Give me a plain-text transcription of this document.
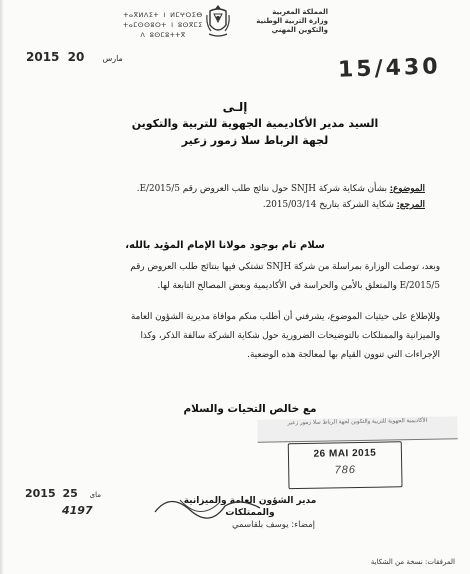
ⵜⴰⴳⵍⴷⵉⵜ ⵏ ⵍⵎⵖⵔⵉⴱ
ⵜⴰⵎⵙⵙⵓⵔⵜ ⵏ ⵓⵙⴳⵎⵉ
ⴷ ⵓⵙⵎⵓⵜⵜⴳ
المملكة المغربية
وزارة التربية الوطنية
والتكوين المهني
2015	مارس 20	15/430
إلـى
السيد مدير الأكاديمية الجهوية للتربية والتكوين
لجهة الرباط سلا زمور زعير
الموضوع: بشأن شكاية شركة SNJH حول نتائج طلب العروض رقم 5/E/2015.
المرجع: شكاية الشركة بتاريخ 2015/03/14.
سلام تام بوجود مولانا الإمام المؤيد بالله،
وبعد، توصلت الوزارة بمراسلة من شركة SNJH تشتكي فيها بنتائج طلب العروض رقم
5/E/2015 والمتعلق بالأمن والحراسة في الأكاديمية وبعض المصالح التابعة لها.
وللإطلاع على حيثيات الموضوع، يشرفني أن أطلب منكم موافاة مديرية الشؤون العامة
والميزانية والممتلكات بالتوضيحات الضرورية حول شكاية الشركة سالفة الذكر، وكذا
الإجراءات التي تنوون القيام بها لمعالجة هذه الوضعية.
مع خالص التحيات والسلام
الأكاديمية الجهوية للتربية والتكوين لجهة الرباط سلا زمور زعير
26 MAI 2015
786
مدير الشؤون العامة والميزانية
والممتلكات
إمضاء: يوسف بلقاسمي
2015	مای 25
4197
المرفقات: نسخة من الشكاية
